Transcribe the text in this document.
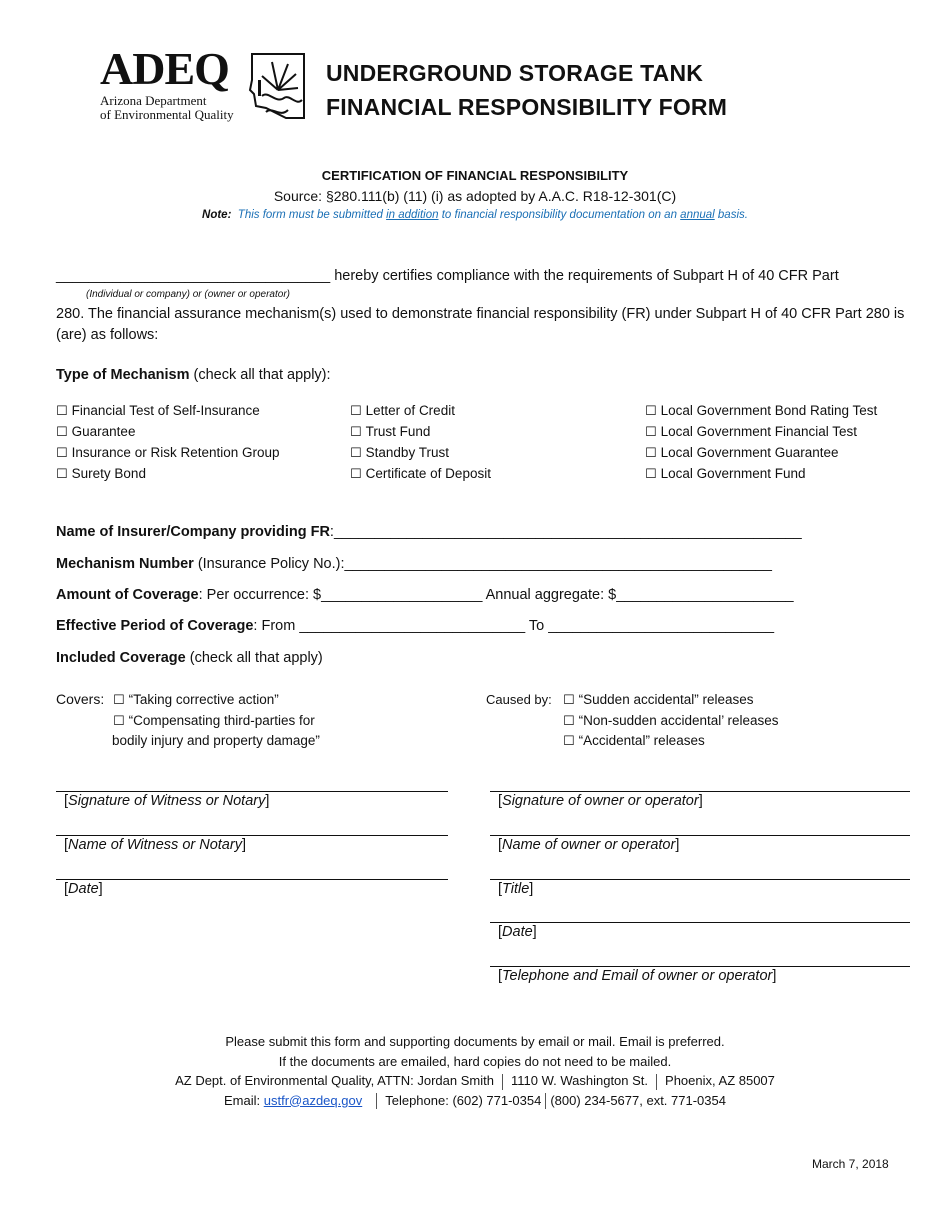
ADEQ
Arizona Department
of Environmental Quality
UNDERGROUND STORAGE TANK
FINANCIAL RESPONSIBILITY FORM
CERTIFICATION OF FINANCIAL RESPONSIBILITY
Source: §280.111(b) (11) (i) as adopted by A.A.C. R18-12-301(C)
Note: This form must be submitted in addition to financial responsibility documentation on an annual basis.
__________________________________ hereby certifies compliance with the requirements of Subpart H of 40 CFR Part
(Individual or company) or (owner or operator)
280. The financial assurance mechanism(s) used to demonstrate financial responsibility (FR) under Subpart H of 40 CFR Part 280 is (are) as follows:
Type of Mechanism (check all that apply):
☐ Financial Test of Self-Insurance
☐ Guarantee
☐ Insurance or Risk Retention Group
☐ Surety Bond
☐ Letter of Credit
☐ Trust Fund
☐ Standby Trust
☐ Certificate of Deposit
☐ Local Government Bond Rating Test
☐ Local Government Financial Test
☐ Local Government Guarantee
☐ Local Government Fund
Name of Insurer/Company providing FR:__________________________________________________________
Mechanism Number (Insurance Policy No.):_____________________________________________________
Amount of Coverage: Per occurrence: $____________________ Annual aggregate: $______________________
Effective Period of Coverage: From ____________________________ To ____________________________
Included Coverage (check all that apply)
Covers: ☐ “Taking corrective action”
☐ “Compensating third-parties for
bodily injury and property damage”
Caused by: ☐ “Sudden accidental” releases
☐ “Non-sudden accidental’ releases
☐ “Accidental” releases
[Signature of Witness or Notary]
[Name of Witness or Notary]
[Date]
[Signature of owner or operator]
[Name of owner or operator]
[Title]
[Date]
[Telephone and Email of owner or operator]
Please submit this form and supporting documents by email or mail. Email is preferred.
If the documents are emailed, hard copies do not need to be mailed.
AZ Dept. of Environmental Quality, ATTN: Jordan Smith 1110 W. Washington St. Phoenix, AZ 85007
Email: ustfr@azdeq.gov Telephone: (602) 771-0354 (800) 234-5677, ext. 771-0354
March 7, 2018
